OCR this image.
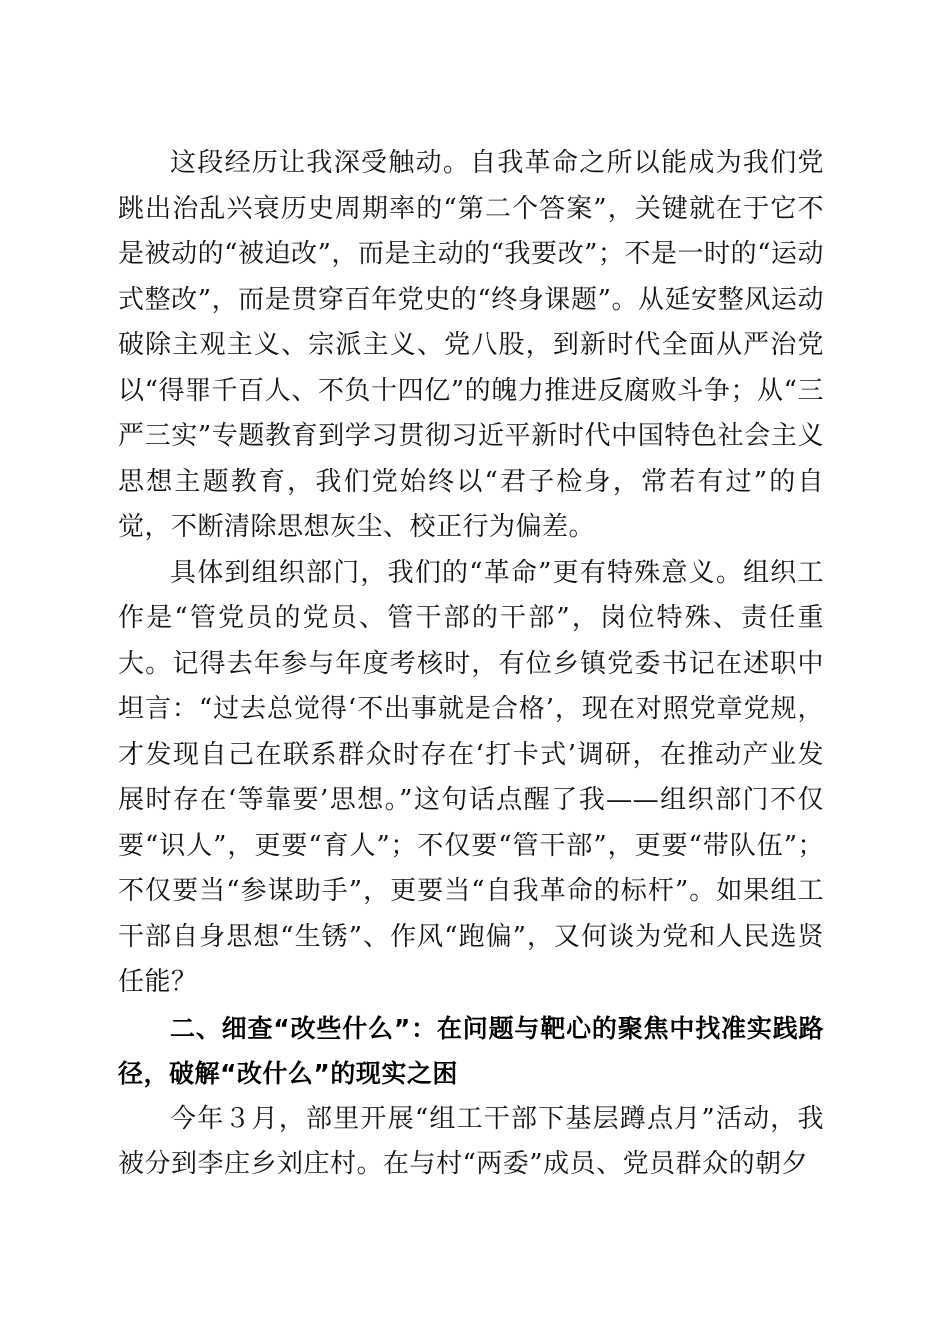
这段经历让我深受触动。自我革命之所以能成为我们党跳出治乱兴衰历史周期率的“第二个答案”，关键就在于它不是被动的“被迫改”，而是主动的“我要改”；不是一时的“运动式整改”，而是贯穿百年党史的“终身课题”。从延安整风运动破除主观主义、宗派主义、党八股，到新时代全面从严治党以“得罪千百人、不负十四亿”的魄力推进反腐败斗争；从“三严三实”专题教育到学习贯彻习近平新时代中国特色社会主义思想主题教育，我们党始终以“君子检身，常若有过”的自觉，不断清除思想灰尘、校正行为偏差。

具体到组织部门，我们的“革命”更有特殊意义。组织工作是“管党员的党员、管干部的干部”，岗位特殊、责任重大。记得去年参与年度考核时，有位乡镇党委书记在述职中坦言：“过去总觉得‘不出事就是合格’，现在对照党章党规，才发现自己在联系群众时存在‘打卡式’调研，在推动产业发展时存在‘等靠要’思想。”这句话点醒了我——组织部门不仅要“识人”，更要“育人”；不仅要“管干部”，更要“带队伍”；不仅要当“参谋助手”，更要当“自我革命的标杆”。如果组工干部自身思想“生锈”、作风“跑偏”，又何谈为党和人民选贤任能？

二、细查“改些什么”：在问题与靶心的聚焦中找准实践路径，破解“改什么”的现实之困

今年３月，部里开展“组工干部下基层蹲点月”活动，我被分到李庄乡刘庄村。在与村“两委”成员、党员群众的朝夕
